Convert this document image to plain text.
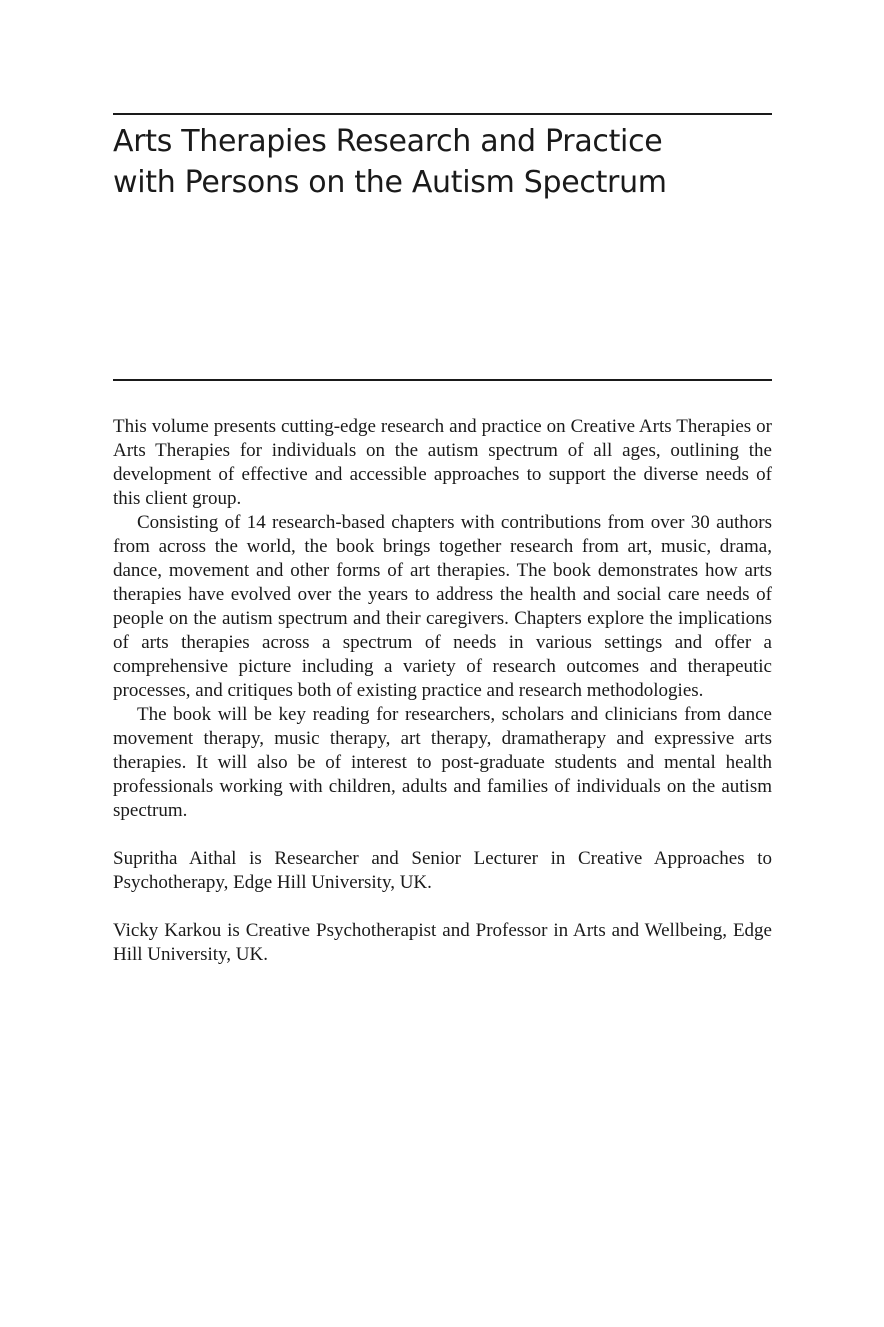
Arts Therapies Research and Practice
with Persons on the Autism Spectrum

This volume presents cutting-edge research and practice on Creative Arts Therapies or Arts Therapies for individuals on the autism spectrum of all ages, outlining the development of effective and accessible approaches to support the diverse needs of this client group.

Consisting of 14 research-based chapters with contributions from over 30 authors from across the world, the book brings together research from art, music, drama, dance, movement and other forms of art therapies. The book demonstrates how arts therapies have evolved over the years to address the health and social care needs of people on the autism spectrum and their caregivers. Chapters explore the implications of arts therapies across a spectrum of needs in various settings and offer a comprehensive picture including a variety of research outcomes and therapeutic processes, and critiques both of existing practice and research methodologies.

The book will be key reading for researchers, scholars and clinicians from dance movement therapy, music therapy, art therapy, dramatherapy and expressive arts therapies. It will also be of interest to post-graduate students and mental health professionals working with children, adults and families of individuals on the autism spectrum.

Supritha Aithal is Researcher and Senior Lecturer in Creative Approaches to Psychotherapy, Edge Hill University, UK.

Vicky Karkou is Creative Psychotherapist and Professor in Arts and Wellbeing, Edge Hill University, UK.
